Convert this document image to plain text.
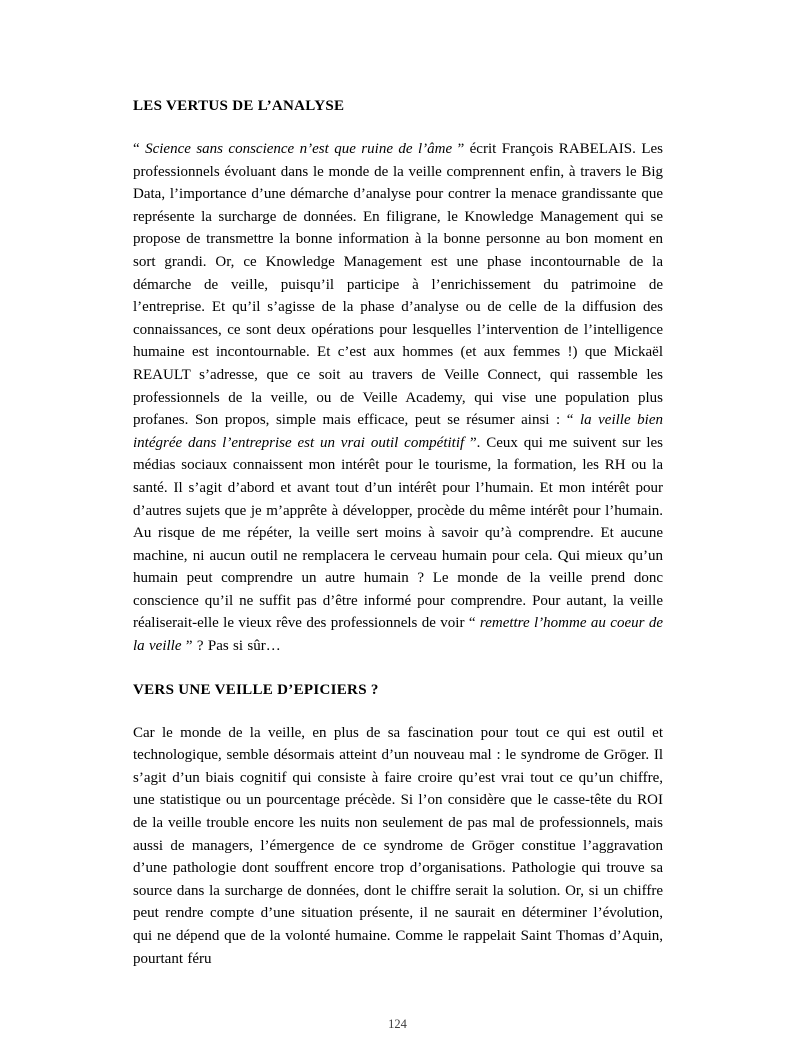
LES VERTUS DE L’ANALYSE

“ Science sans conscience n’est que ruine de l’âme ” écrit François RABELAIS. Les professionnels évoluant dans le monde de la veille comprennent enfin, à travers le Big Data, l’importance d’une démarche d’analyse pour contrer la menace grandissante que représente la surcharge de données. En filigrane, le Knowledge Management qui se propose de transmettre la bonne information à la bonne personne au bon moment en sort grandi. Or, ce Knowledge Management est une phase incontournable de la démarche de veille, puisqu’il participe à l’enrichissement du patrimoine de l’entreprise. Et qu’il s’agisse de la phase d’analyse ou de celle de la diffusion des connaissances, ce sont deux opérations pour lesquelles l’intervention de l’intelligence humaine est incontournable. Et c’est aux hommes (et aux femmes !) que Mickaël REAULT s’adresse, que ce soit au travers de Veille Connect, qui rassemble les professionnels de la veille, ou de Veille Academy, qui vise une population plus profanes. Son propos, simple mais efficace, peut se résumer ainsi : “ la veille bien intégrée dans l’entreprise est un vrai outil compétitif ”. Ceux qui me suivent sur les médias sociaux connaissent mon intérêt pour le tourisme, la formation, les RH ou la santé. Il s’agit d’abord et avant tout d’un intérêt pour l’humain. Et mon intérêt pour d’autres sujets que je m’apprête à développer, procède du même intérêt pour l’humain. Au risque de me répéter, la veille sert moins à savoir qu’à comprendre. Et aucune machine, ni aucun outil ne remplacera le cerveau humain pour cela. Qui mieux qu’un humain peut comprendre un autre humain ? Le monde de la veille prend donc conscience qu’il ne suffit pas d’être informé pour comprendre. Pour autant, la veille réaliserait-elle le vieux rêve des professionnels de voir “ remettre l’homme au coeur de la veille ” ? Pas si sûr…

VERS UNE VEILLE D’EPICIERS ?

Car le monde de la veille, en plus de sa fascination pour tout ce qui est outil et technologique, semble désormais atteint d’un nouveau mal : le syndrome de Grōger. Il s’agit d’un biais cognitif qui consiste à faire croire qu’est vrai tout ce qu’un chiffre, une statistique ou un pourcentage précède. Si l’on considère que le casse-tête du ROI de la veille trouble encore les nuits non seulement de pas mal de professionnels, mais aussi de managers, l’émergence de ce syndrome de Grōger constitue l’aggravation d’une pathologie dont souffrent encore trop d’organisations. Pathologie qui trouve sa source dans la surcharge de données, dont le chiffre serait la solution. Or, si un chiffre peut rendre compte d’une situation présente, il ne saurait en déterminer l’évolution, qui ne dépend que de la volonté humaine. Comme le rappelait Saint Thomas d’Aquin, pourtant féru

124
